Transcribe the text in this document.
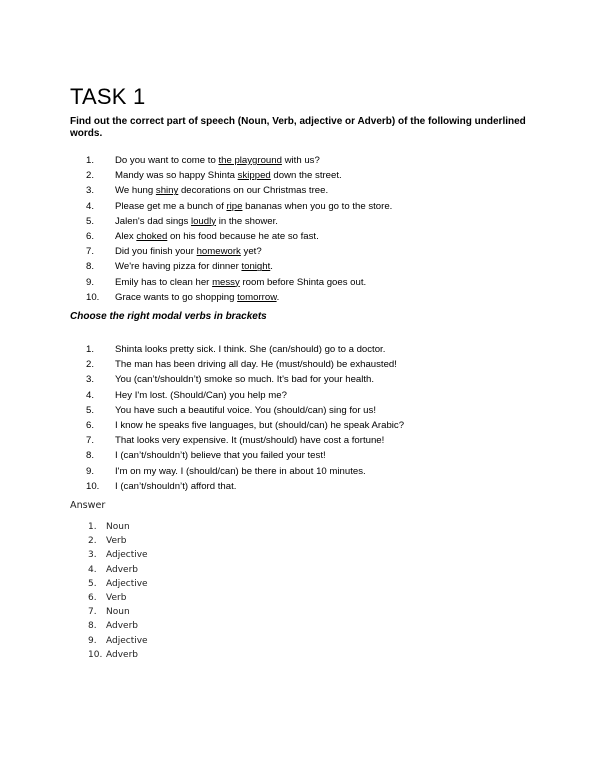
TASK 1

Find out the correct part of speech (Noun, Verb, adjective or Adverb) of the following underlined words.

1.	Do you want to come to the playground with us?
2.	Mandy was so happy Shinta skipped down the street.
3.	We hung shiny decorations on our Christmas tree.
4.	Please get me a bunch of ripe bananas when you go to the store.
5.	Jalen's dad sings loudly in the shower.
6.	Alex choked on his food because he ate so fast.
7.	Did you finish your homework yet?
8.	We're having pizza for dinner tonight.
9.	Emily has to clean her messy room before Shinta goes out.
10.	Grace wants to go shopping tomorrow.

Choose the right modal verbs in brackets

1.	Shinta looks pretty sick. I think. She (can/should) go to a doctor.
2.	The man has been driving all day. He (must/should) be exhausted!
3.	You (can’t/shouldn’t) smoke so much. It's bad for your health.
4.	Hey I'm lost. (Should/Can) you help me?
5.	You have such a beautiful voice. You (should/can) sing for us!
6.	I know he speaks five languages, but (should/can) he speak Arabic?
7.	That looks very expensive. It (must/should) have cost a fortune!
8.	I (can’t/shouldn’t) believe that you failed your test!
9.	I'm on my way. I (should/can) be there in about 10 minutes.
10.	I (can’t/shouldn’t) afford that.

Answer

1.	Noun
2.	Verb
3.	Adjective
4.	Adverb
5.	Adjective
6.	Verb
7.	Noun
8.	Adverb
9.	Adjective
10. Adverb
